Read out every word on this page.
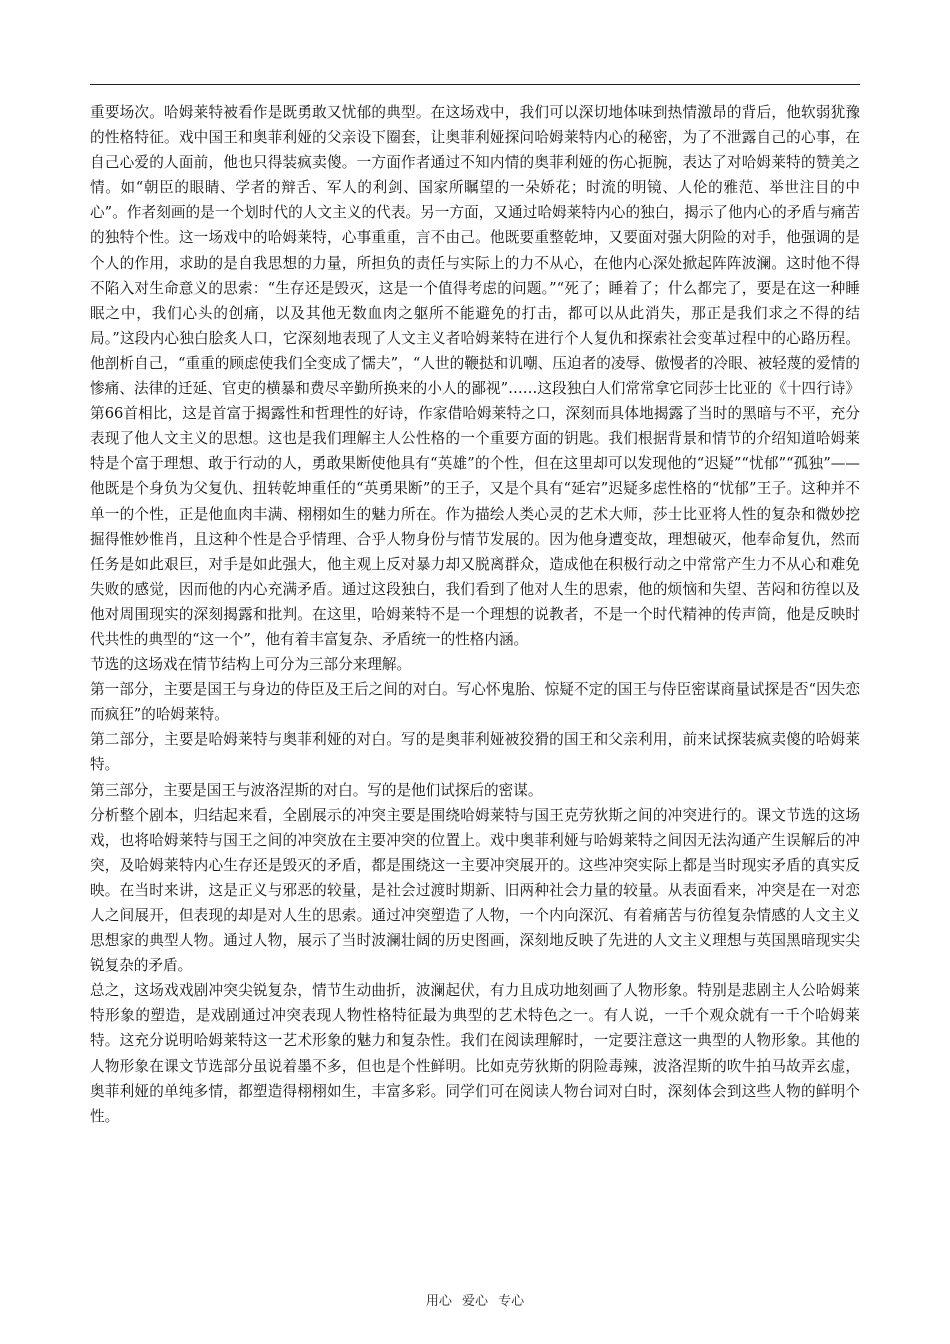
重要场次。哈姆莱特被看作是既勇敢又忧郁的典型。在这场戏中，我们可以深切地体味到热情激昂的背后，他软弱犹豫的性格特征。戏中国王和奥菲利娅的父亲设下圈套，让奥菲利娅探问哈姆莱特内心的秘密，为了不泄露自己的心事，在自己心爱的人面前，他也只得装疯卖傻。一方面作者通过不知内情的奥菲利娅的伤心扼腕，表达了对哈姆莱特的赞美之情。如“朝臣的眼睛、学者的辩舌、军人的利剑、国家所瞩望的一朵娇花；时流的明镜、人伦的雅范、举世注目的中心”。作者刻画的是一个划时代的人文主义的代表。另一方面，又通过哈姆莱特内心的独白，揭示了他内心的矛盾与痛苦的独特个性。这一场戏中的哈姆莱特，心事重重，言不由己。他既要重整乾坤，又要面对强大阴险的对手，他强调的是个人的作用，求助的是自我思想的力量，所担负的责任与实际上的力不从心，在他内心深处掀起阵阵波澜。这时他不得不陷入对生命意义的思索：“生存还是毁灭，这是一个值得考虑的问题。”“死了；睡着了；什么都完了，要是在这一种睡眠之中，我们心头的创痛，以及其他无数血肉之躯所不能避免的打击，都可以从此消失，那正是我们求之不得的结局。”这段内心独白脍炙人口，它深刻地表现了人文主义者哈姆莱特在进行个人复仇和探索社会变革过程中的心路历程。他剖析自己，“重重的顾虑使我们全变成了懦夫”，“人世的鞭挞和讥嘲、压迫者的凌辱、傲慢者的冷眼、被轻蔑的爱情的惨痛、法律的迁延、官吏的横暴和费尽辛勤所换来的小人的鄙视”……这段独白人们常常拿它同莎士比亚的《十四行诗》第66首相比，这是首富于揭露性和哲理性的好诗，作家借哈姆莱特之口，深刻而具体地揭露了当时的黑暗与不平，充分表现了他人文主义的思想。这也是我们理解主人公性格的一个重要方面的钥匙。我们根据背景和情节的介绍知道哈姆莱特是个富于理想、敢于行动的人，勇敢果断使他具有“英雄”的个性，但在这里却可以发现他的“迟疑”“忧郁”“孤独”——他既是个身负为父复仇、扭转乾坤重任的“英勇果断”的王子，又是个具有“延宕”迟疑多虑性格的“忧郁”王子。这种并不单一的个性，正是他血肉丰满、栩栩如生的魅力所在。作为描绘人类心灵的艺术大师，莎士比亚将人性的复杂和微妙挖掘得惟妙惟肖，且这种个性是合乎情理、合乎人物身份与情节发展的。因为他身遭变故，理想破灭，他奉命复仇，然而任务是如此艰巨，对手是如此强大，他主观上反对暴力却又脱离群众，造成他在积极行动之中常常产生力不从心和难免失败的感觉，因而他的内心充满矛盾。通过这段独白，我们看到了他对人生的思索，他的烦恼和失望、苦闷和彷徨以及他对周围现实的深刻揭露和批判。在这里，哈姆莱特不是一个理想的说教者，不是一个时代精神的传声筒，他是反映时代共性的典型的“这一个”，他有着丰富复杂、矛盾统一的性格内涵。

节选的这场戏在情节结构上可分为三部分来理解。

第一部分，主要是国王与身边的侍臣及王后之间的对白。写心怀鬼胎、惊疑不定的国王与侍臣密谋商量试探是否“因失恋而疯狂”的哈姆莱特。

第二部分，主要是哈姆莱特与奥菲利娅的对白。写的是奥菲利娅被狡猾的国王和父亲利用，前来试探装疯卖傻的哈姆莱特。

第三部分，主要是国王与波洛涅斯的对白。写的是他们试探后的密谋。

分析整个剧本，归结起来看，全剧展示的冲突主要是围绕哈姆莱特与国王克劳狄斯之间的冲突进行的。课文节选的这场戏，也将哈姆莱特与国王之间的冲突放在主要冲突的位置上。戏中奥菲利娅与哈姆莱特之间因无法沟通产生误解后的冲突，及哈姆莱特内心生存还是毁灭的矛盾，都是围绕这一主要冲突展开的。这些冲突实际上都是当时现实矛盾的真实反映。在当时来讲，这是正义与邪恶的较量，是社会过渡时期新、旧两种社会力量的较量。从表面看来，冲突是在一对恋人之间展开，但表现的却是对人生的思索。通过冲突塑造了人物，一个内向深沉、有着痛苦与彷徨复杂情感的人文主义思想家的典型人物。通过人物，展示了当时波澜壮阔的历史图画，深刻地反映了先进的人文主义理想与英国黑暗现实尖锐复杂的矛盾。

总之，这场戏戏剧冲突尖锐复杂，情节生动曲折，波澜起伏，有力且成功地刻画了人物形象。特别是悲剧主人公哈姆莱特形象的塑造，是戏剧通过冲突表现人物性格特征最为典型的艺术特色之一。有人说，一千个观众就有一千个哈姆莱特。这充分说明哈姆莱特这一艺术形象的魅力和复杂性。我们在阅读理解时，一定要注意这一典型的人物形象。其他的人物形象在课文节选部分虽说着墨不多，但也是个性鲜明。比如克劳狄斯的阴险毒辣，波洛涅斯的吹牛拍马故弄玄虚，奥菲利娅的单纯多情，都塑造得栩栩如生，丰富多彩。同学们可在阅读人物台词对白时，深刻体会到这些人物的鲜明个性。

用心 爱心 专心
